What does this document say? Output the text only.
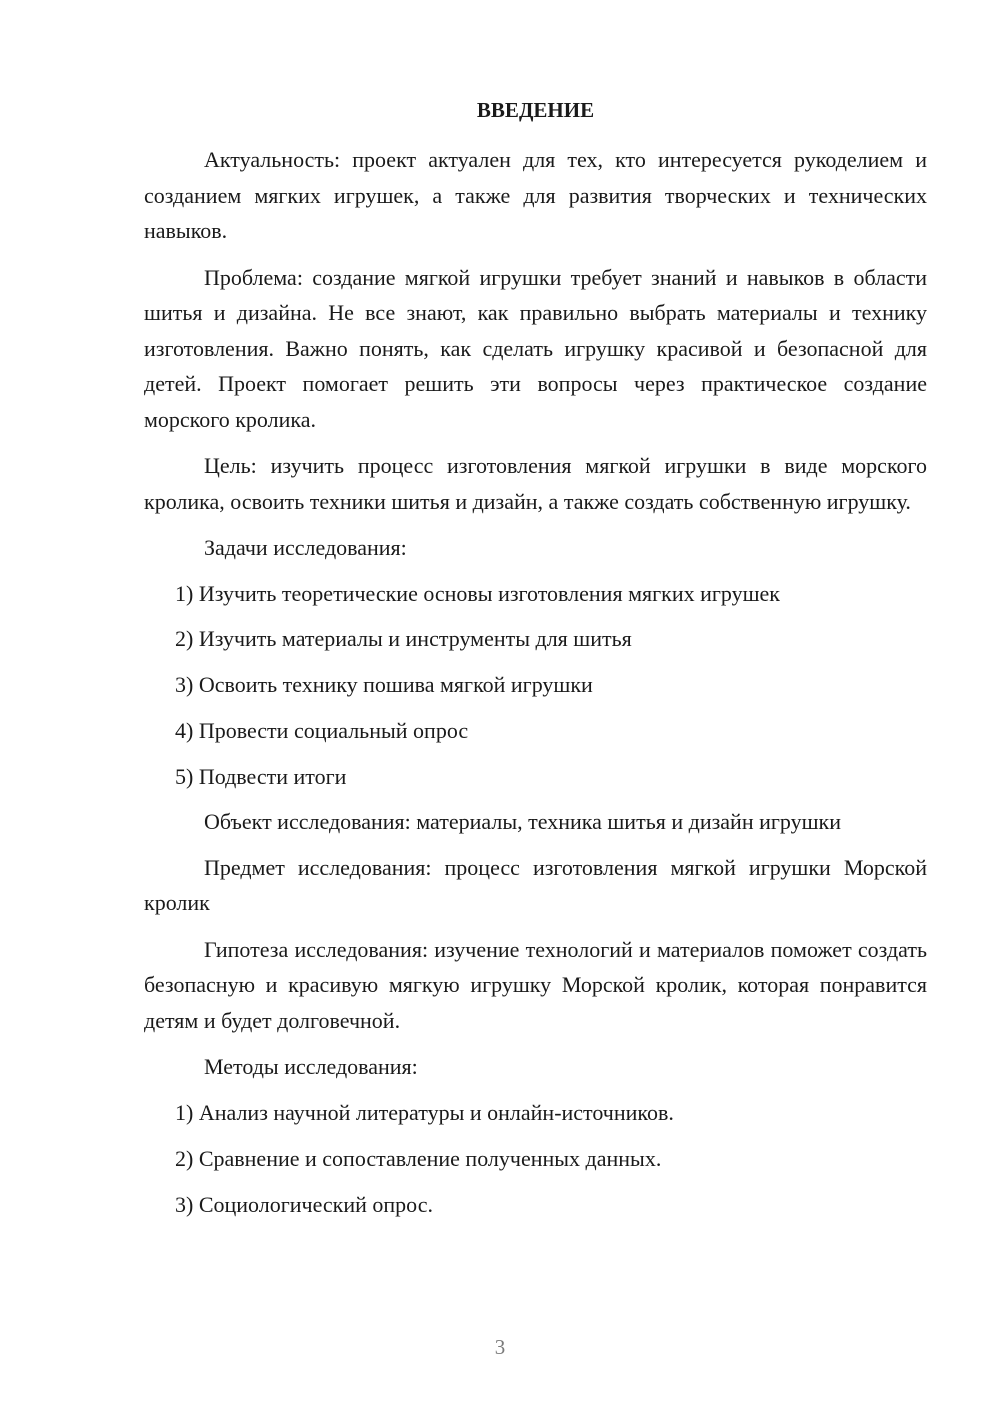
ВВЕДЕНИЕ

Актуальность: проект актуален для тех, кто интересуется рукоделием и созданием мягких игрушек, а также для развития творческих и технических навыков.

Проблема: создание мягкой игрушки требует знаний и навыков в области шитья и дизайна. Не все знают, как правильно выбрать материалы и технику изготовления. Важно понять, как сделать игрушку красивой и безопасной для детей. Проект помогает решить эти вопросы через практическое создание морского кролика.

Цель: изучить процесс изготовления мягкой игрушки в виде морского кролика, освоить техники шитья и дизайн, а также создать собственную игрушку.

Задачи исследования:

1) Изучить теоретические основы изготовления мягких игрушек
2) Изучить материалы и инструменты для шитья
3) Освоить технику пошива мягкой игрушки
4) Провести социальный опрос
5) Подвести итоги

Объект исследования: материалы, техника шитья и дизайн игрушки

Предмет исследования: процесс изготовления мягкой игрушки Морской кролик

Гипотеза исследования: изучение технологий и материалов поможет создать безопасную и красивую мягкую игрушку Морской кролик, которая понравится детям и будет долговечной.

Методы исследования:

1) Анализ научной литературы и онлайн-источников.
2) Сравнение и сопоставление полученных данных.
3) Социологический опрос.
3
